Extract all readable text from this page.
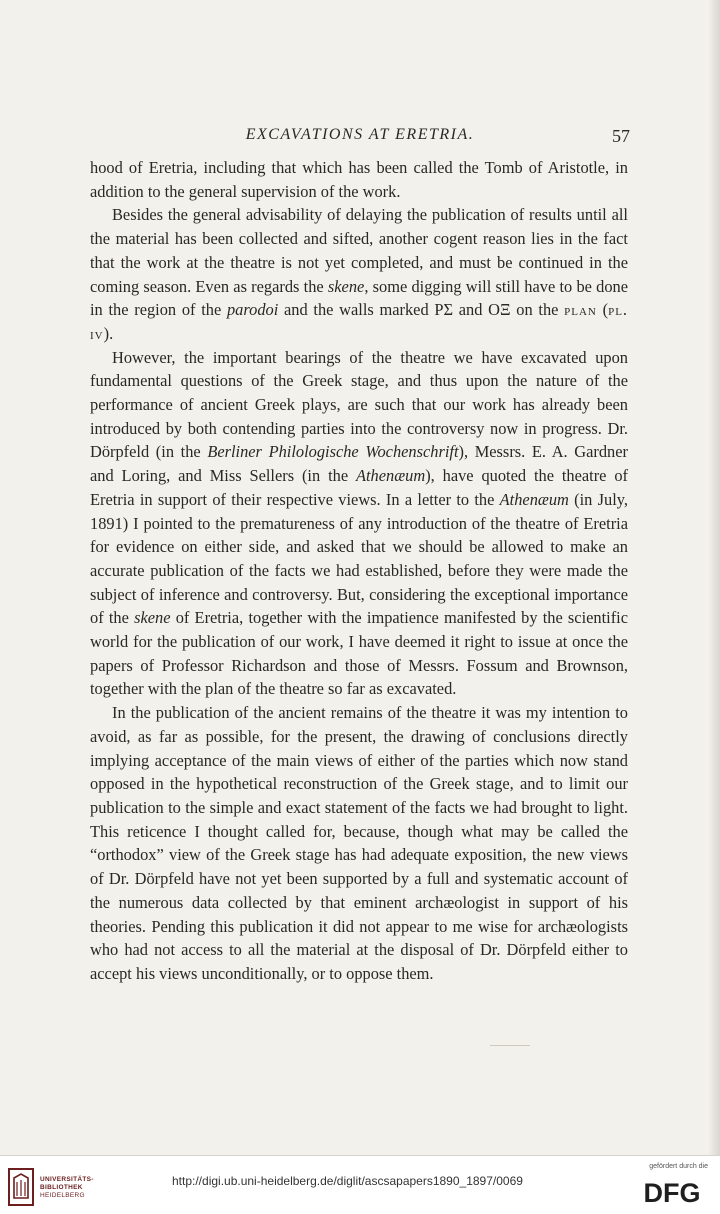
EXCAVATIONS AT ERETRIA.	57

hood of Eretria, including that which has been called the Tomb of Aristotle, in addition to the general supervision of the work.

Besides the general advisability of delaying the publication of results until all the material has been collected and sifted, another cogent reason lies in the fact that the work at the theatre is not yet completed, and must be continued in the coming season. Even as regards the skene, some digging will still have to be done in the region of the parodoi and the walls marked ΡΣ and ΟΞ on the plan (pl. iv).

However, the important bearings of the theatre we have excavated upon fundamental questions of the Greek stage, and thus upon the nature of the performance of ancient Greek plays, are such that our work has already been introduced by both contending parties into the controversy now in progress. Dr. Dörpfeld (in the Berliner Philologische Wochenschrift), Messrs. E. A. Gardner and Loring, and Miss Sellers (in the Athenæum), have quoted the theatre of Eretria in support of their respective views. In a letter to the Athenæum (in July, 1891) I pointed to the prematureness of any introduction of the theatre of Eretria for evidence on either side, and asked that we should be allowed to make an accurate publication of the facts we had established, before they were made the subject of inference and controversy. But, considering the exceptional importance of the skene of Eretria, together with the impatience manifested by the scientific world for the publication of our work, I have deemed it right to issue at once the papers of Professor Richardson and those of Messrs. Fossum and Brownson, together with the plan of the theatre so far as excavated.

In the publication of the ancient remains of the theatre it was my intention to avoid, as far as possible, for the present, the drawing of conclusions directly implying acceptance of the main views of either of the parties which now stand opposed in the hypothetical reconstruction of the Greek stage, and to limit our publication to the simple and exact statement of the facts we had brought to light. This reticence I thought called for, because, though what may be called the “orthodox” view of the Greek stage has had adequate exposition, the new views of Dr. Dörpfeld have not yet been supported by a full and systematic account of the numerous data collected by that eminent archæologist in support of his theories. Pending this publication it did not appear to me wise for archæologists who had not access to all the material at the disposal of Dr. Dörpfeld either to accept his views unconditionally, or to oppose them.

UNIVERSITÄTS-
BIBLIOTHEK
HEIDELBERG
http://digi.ub.uni-heidelberg.de/diglit/ascsapapers1890_1897/0069
gefördert durch die
DFG
